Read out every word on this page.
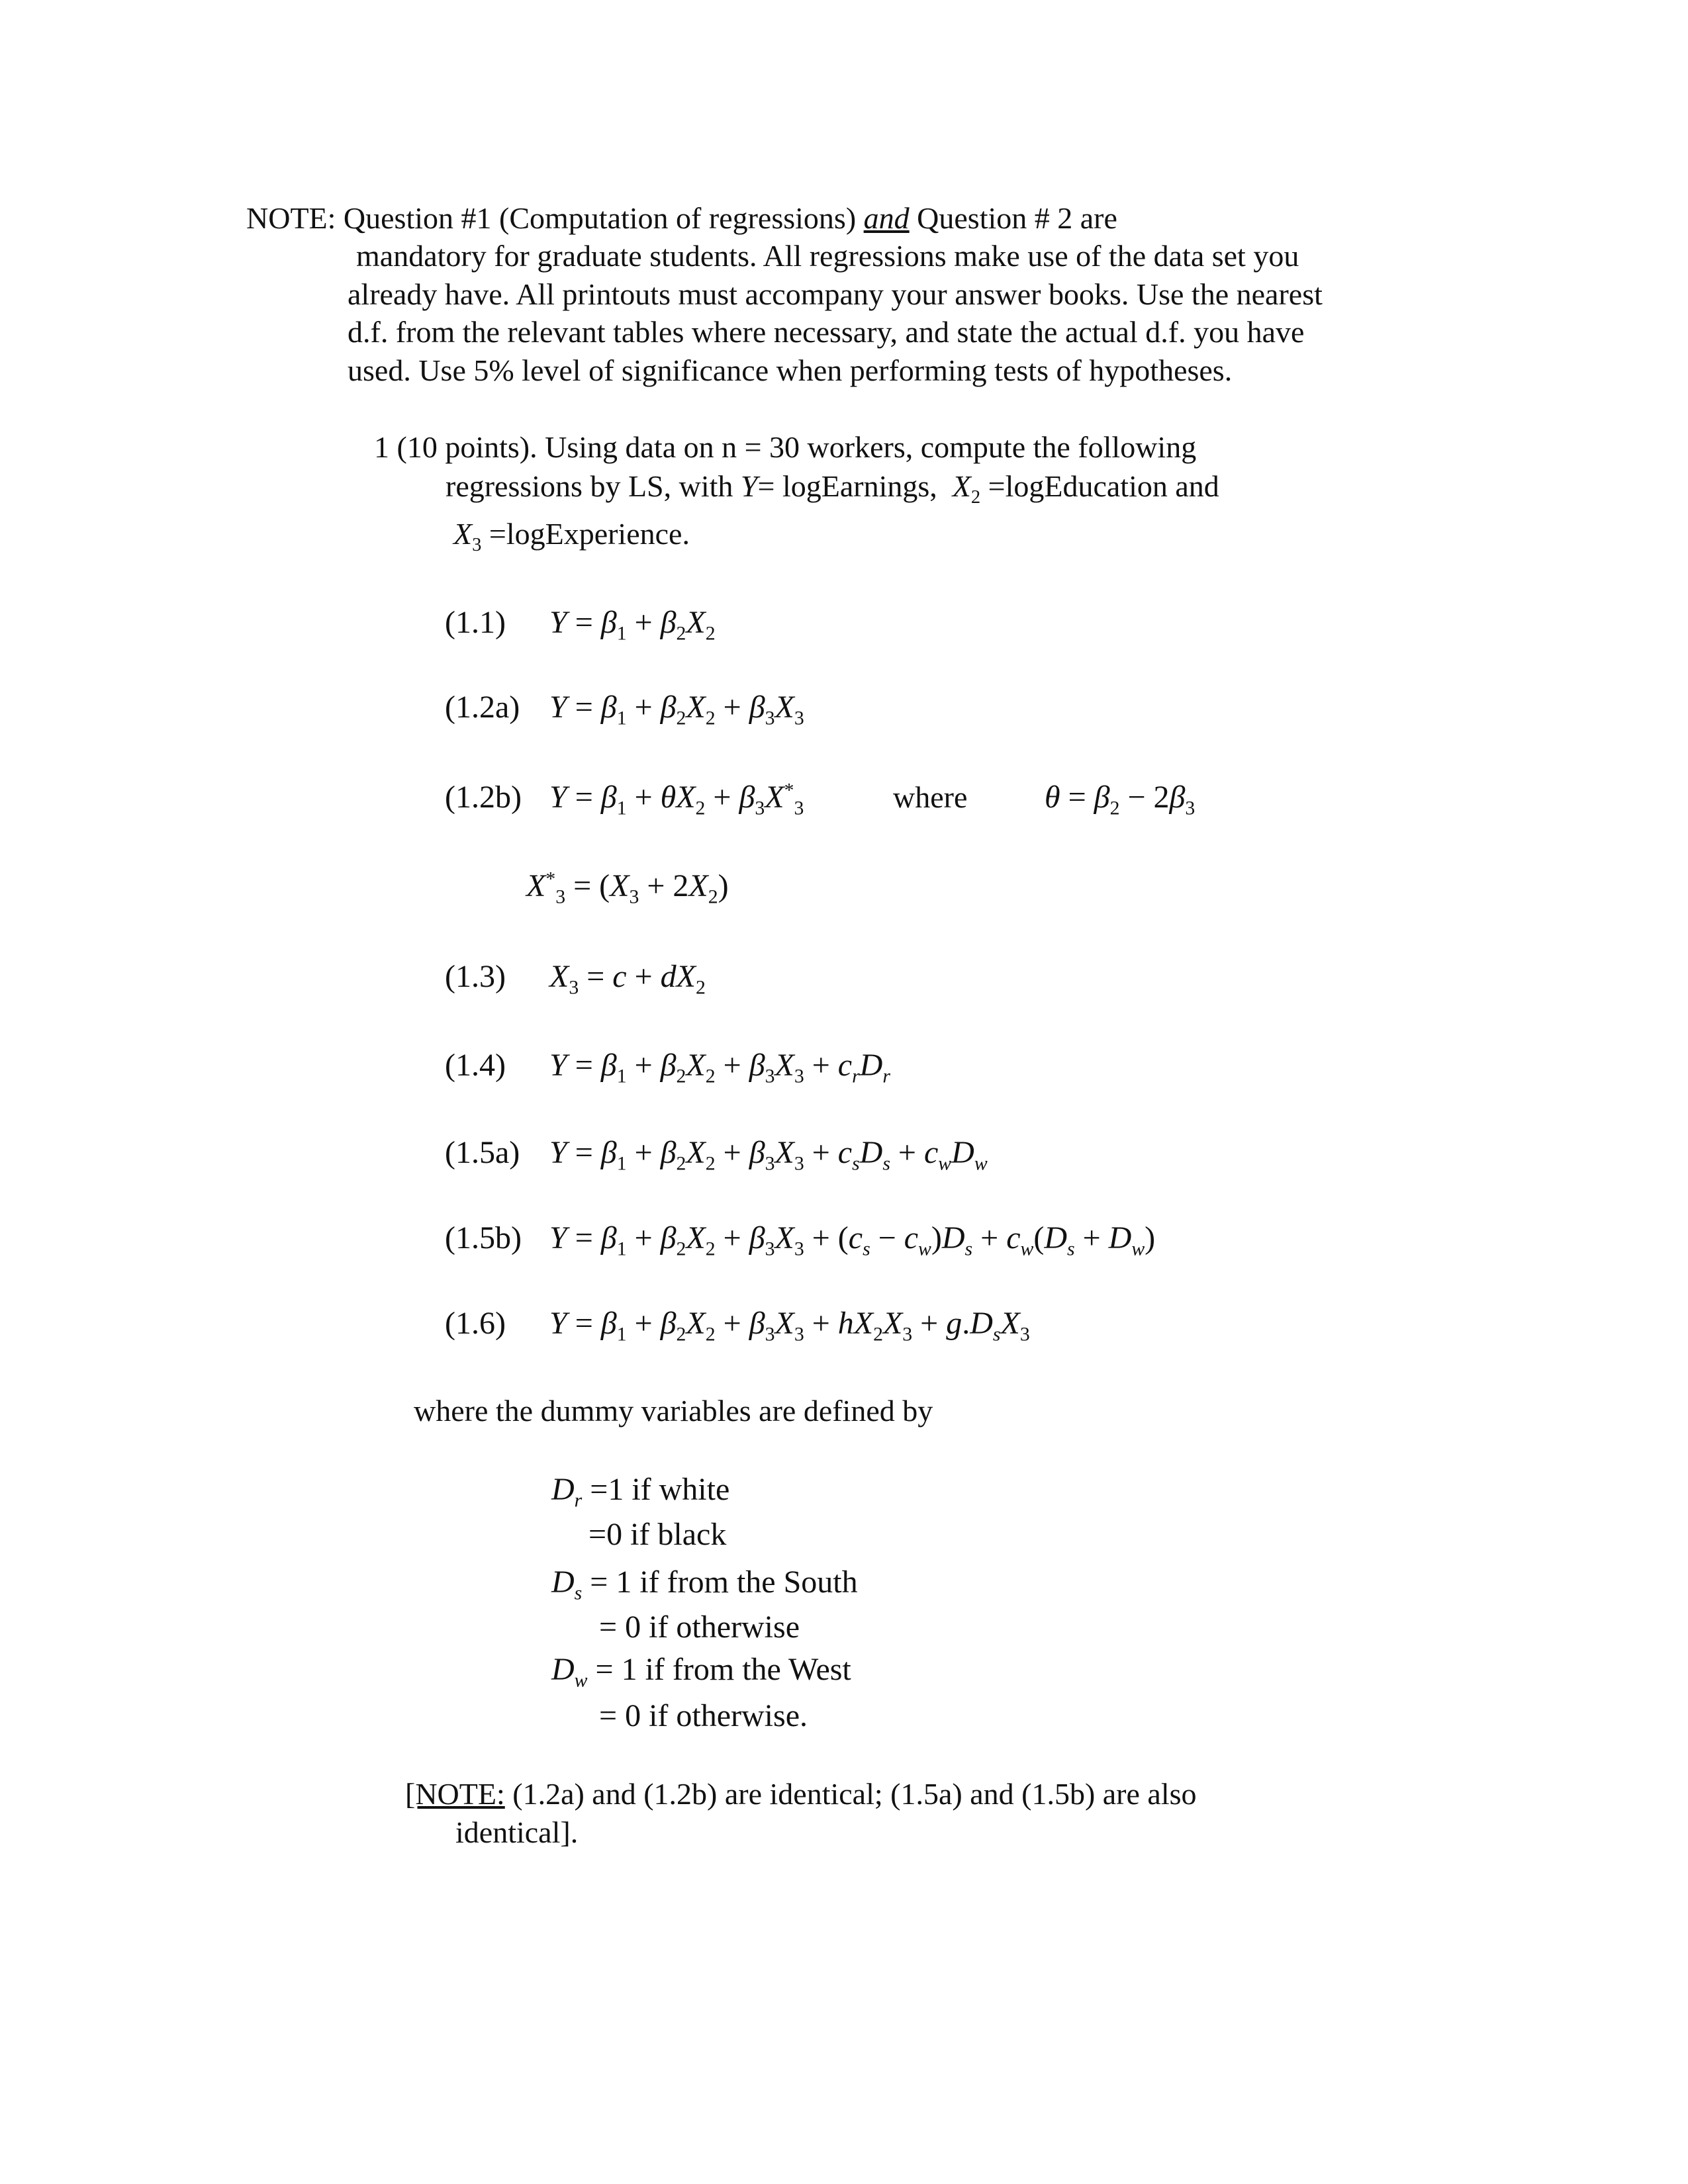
NOTE: Question #1 (Computation of regressions) and Question # 2 are
mandatory for graduate students. All regressions make use of the data set you
already have. All printouts must accompany your answer books. Use the nearest
d.f. from the relevant tables where necessary, and state the actual d.f. you have
used. Use 5% level of significance when performing tests of hypotheses.
1 (10 points). Using data on n = 30 workers, compute the following
regressions by LS, with Y= logEarnings, $X_2$ =logEducation and
$X_3$ =logExperience.
(1.1) $Y = \beta_1 + \beta_2X_2$
(1.2a) $Y = \beta_1 + \beta_2X_2 + \beta_3X_3$
(1.2b) $Y = \beta_1 + \theta X_2 + \beta_3X^*_3$	where $\theta = \beta_2 - 2\beta_3$
$X^*_3 = (X_3 + 2X_2)$
(1.3) $X_3 = c + dX_2$
(1.4) $Y = \beta_1 + \beta_2X_2 + \beta_3X_3 + c_rD_r$
(1.5a) $Y = \beta_1 + \beta_2X_2 + \beta_3X_3 + c_sD_s + c_wD_w$
(1.5b) $Y = \beta_1 + \beta_2X_2 + \beta_3X_3 + (c_s - c_w)D_s + c_w(D_s + D_w)$
(1.6) $Y = \beta_1 + \beta_2X_2 + \beta_3X_3 + hX_2X_3 + g.D_sX_3$
where the dummy variables are defined by
$D_r =1$ if white
=0 if black
$D_s = 1$ if from the South
= 0 if otherwise
$D_w = 1$ if from the West
= 0 if otherwise.
[NOTE: (1.2a) and (1.2b) are identical; (1.5a) and (1.5b) are also
identical].
